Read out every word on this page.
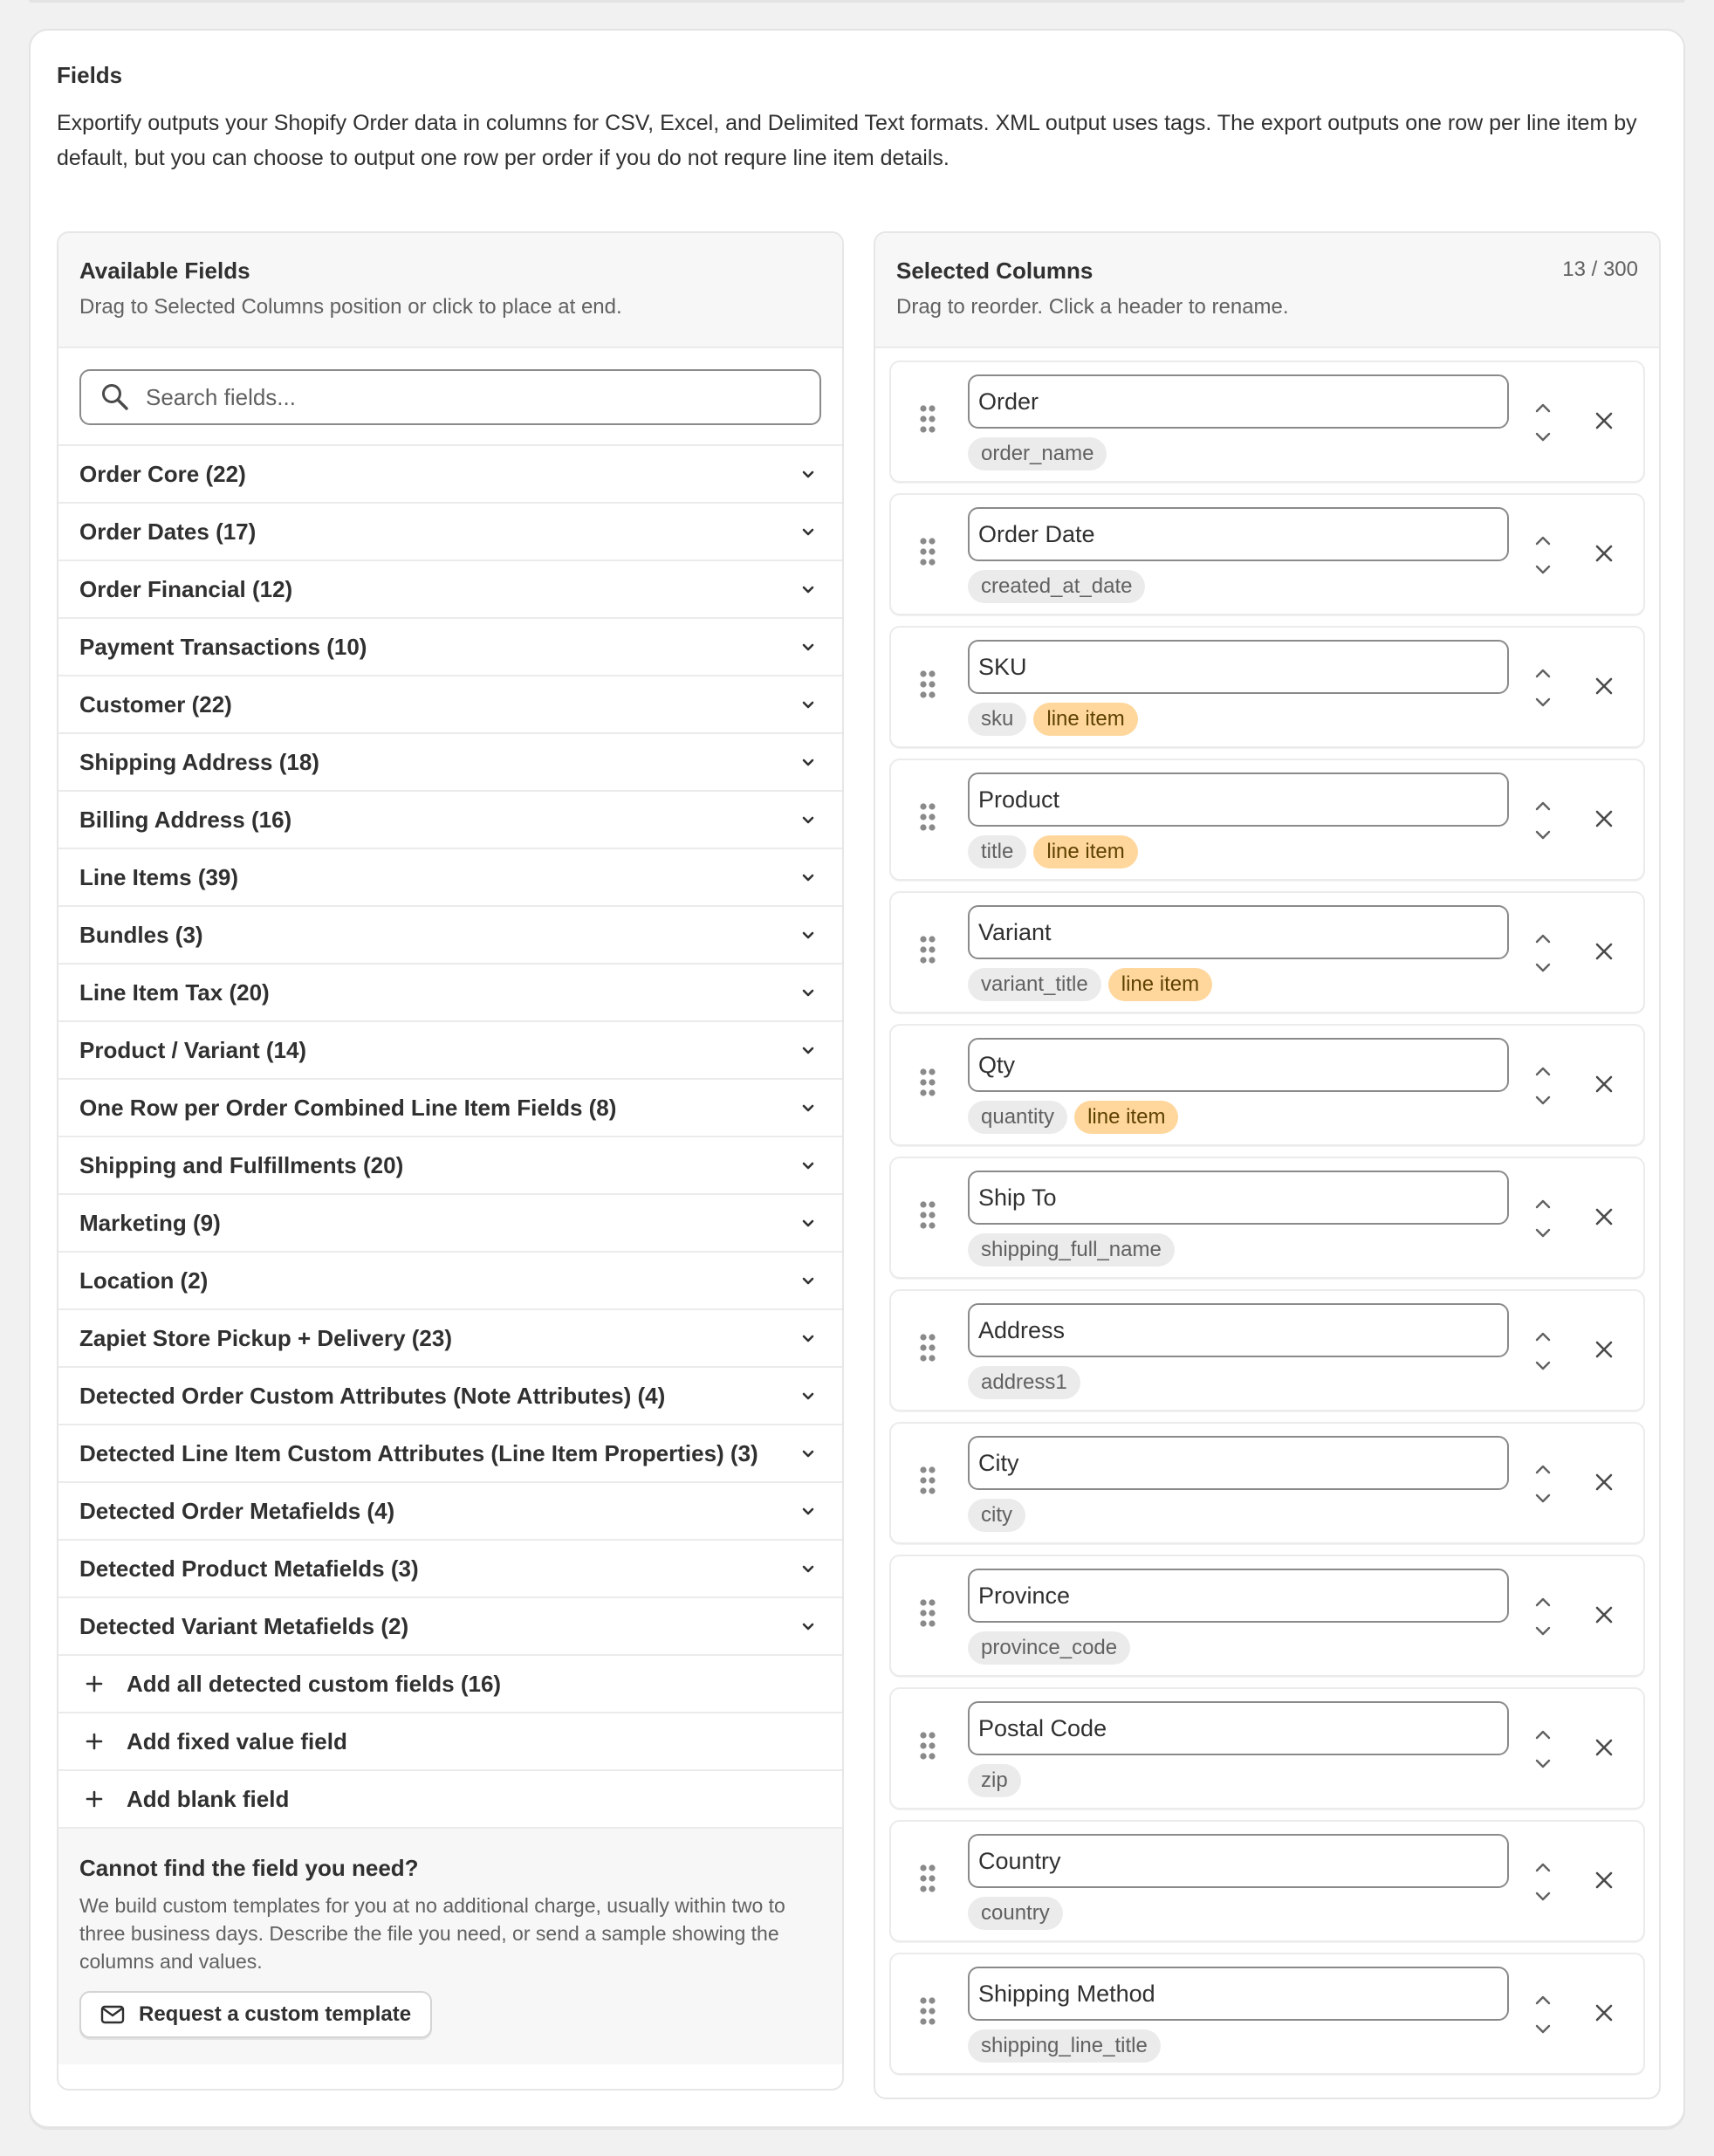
Fields
Exportify outputs your Shopify Order data in columns for CSV, Excel, and Delimited Text formats. XML output uses tags. The export outputs one row per line item by default, but you can choose to output one row per order if you do not requre line item details.
Available Fields
Drag to Selected Columns position or click to place at end.
Search fields...
Order Core (22)
Order Dates (17)
Order Financial (12)
Payment Transactions (10)
Customer (22)
Shipping Address (18)
Billing Address (16)
Line Items (39)
Bundles (3)
Line Item Tax (20)
Product / Variant (14)
One Row per Order Combined Line Item Fields (8)
Shipping and Fulfillments (20)
Marketing (9)
Location (2)
Zapiet Store Pickup + Delivery (23)
Detected Order Custom Attributes (Note Attributes) (4)
Detected Line Item Custom Attributes (Line Item Properties) (3)
Detected Order Metafields (4)
Detected Product Metafields (3)
Detected Variant Metafields (2)
Add all detected custom fields (16)
Add fixed value field
Add blank field
Cannot find the field you need?
We build custom templates for you at no additional charge, usually within two to three business days. Describe the file you need, or send a sample showing the columns and values.
Request a custom template
Selected Columns
Drag to reorder. Click a header to rename.
13 / 300
Order
order_name
Order Date
created_at_date
SKU
sku	line item
Product
title	line item
Variant
variant_title	line item
Qty
quantity	line item
Ship To
shipping_full_name
Address
address1
City
city
Province
province_code
Postal Code
zip
Country
country
Shipping Method
shipping_line_title
